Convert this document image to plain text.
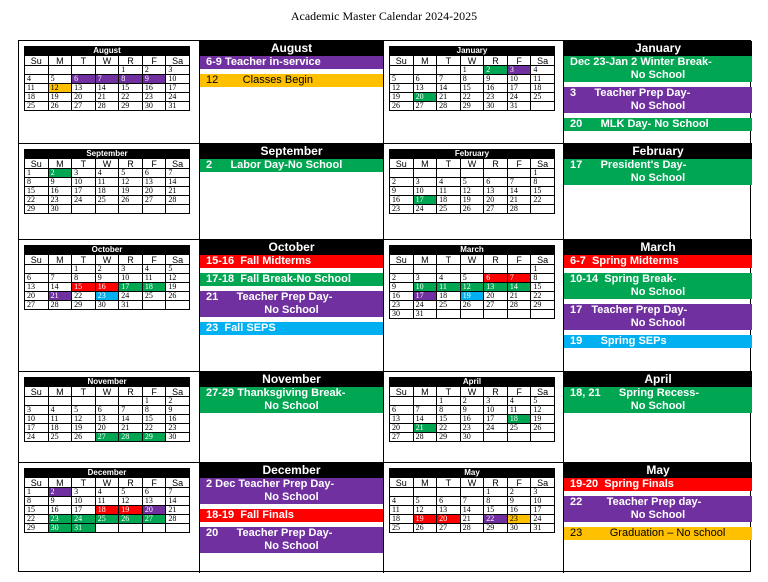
Academic Master Calendar 2024-2025
August						
Su	M	T	W	R	F	Sa
				1	2	3
4	5	6	7	8	9	10
11	12	13	14	15	16	17
18	19	20	21	22	23	24
25	26	27	28	29	30	31
August
6-9 Teacher in-service
12        Classes Begin
January						
Su	M	T	W	R	F	Sa
			1	2	3	4
5	6	7	8	9	10	11
12	13	14	15	16	17	18
19	20	21	22	23	24	25
26	27	28	29	30	31	
January
Dec 23-Jan 2 Winter Break-
No School
3      Teacher Prep Day-
No School
20      MLK Day- No School
September						
Su	M	T	W	R	F	Sa
1	2	3	4	5	6	7
8	9	10	11	12	13	14
15	16	17	18	19	20	21
22	23	24	25	26	27	28
29	30					
September
2      Labor Day-No School
February						
Su	M	T	W	R	F	Sa
						1
2	3	4	5	6	7	8
9	10	11	12	13	14	15
16	17	18	19	20	21	22
23	24	25	26	27	28	
February
17      President's Day-
No School
October						
Su	M	T	W	R	F	Sa
		1	2	3	4	5
6	7	8	9	10	11	12
13	14	15	16	17	18	19
20	21	22	23	24	25	26
27	28	29	30	31		
October
15-16  Fall Midterms
17-18  Fall Break-No School
21      Teacher Prep Day-
No School
23  Fall SEPS
March						
Su	M	T	W	R	F	Sa
						1
2	3	4	5	6	7	8
9	10	11	12	13	14	15
16	17	18	19	20	21	22
23	24	25	26	27	28	29
30	31					
March
6-7  Spring Midterms
10-14  Spring Break-
No School
17   Teacher Prep Day-
No School
19      Spring SEPs
November						
Su	M	T	W	R	F	Sa
					1	2
3	4	5	6	7	8	9
10	11	12	13	14	15	16
17	18	19	20	21	22	23
24	25	26	27	28	29	30
November
27-29 Thanksgiving Break-
No School
April						
Su	M	T	W	R	F	Sa
		1	2	3	4	5
6	7	8	9	10	11	12
13	14	15	16	17	18	19
20	21	22	23	24	25	26
27	28	29	30			
April
18, 21      Spring Recess-
No School
December						
Su	M	T	W	R	F	Sa
1	2	3	4	5	6	7
8	9	10	11	12	13	14
15	16	17	18	19	20	21
22	23	24	25	26	27	28
29	30	31				
December
2 Dec Teacher Prep Day-
No School
18-19  Fall Finals
20      Teacher Prep Day-
No School
May						
Su	M	T	W	R	F	Sa
				1	2	3
4	5	6	7	8	9	10
11	12	13	14	15	16	17
18	19	20	21	22	23	24
25	26	27	28	29	30	31
May
19-20  Spring Finals
22        Teacher Prep day-
No School
23         Graduation – No school
